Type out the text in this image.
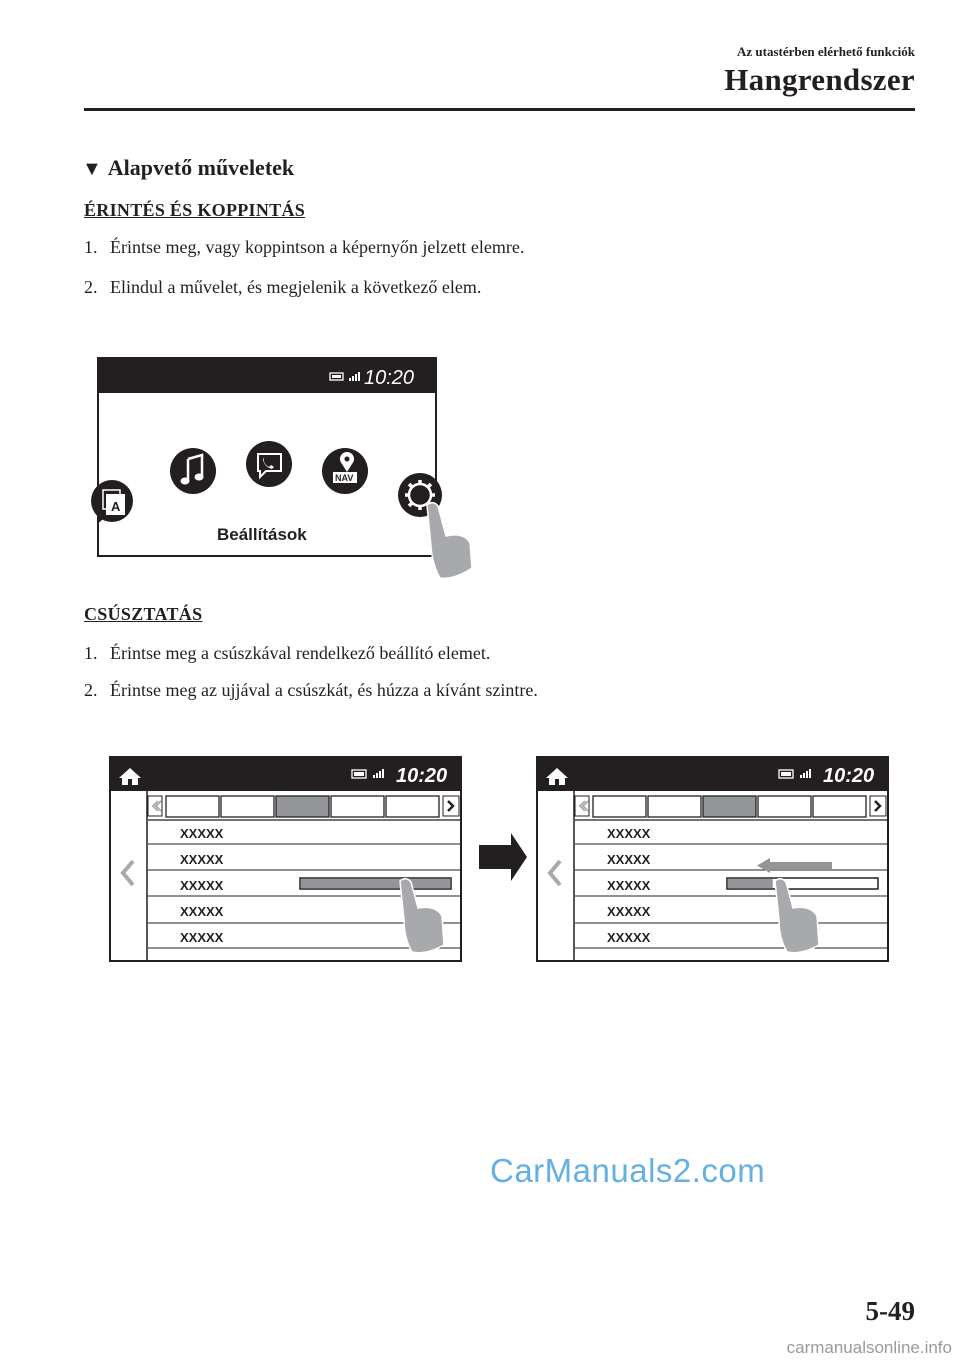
Az utastérben elérhető funkciók
Hangrendszer
▼ Alapvető műveletek
ÉRINTÉS ÉS KOPPINTÁS
1. Érintse meg, vagy koppintson a képernyőn jelzett elemre.
2. Elindul a művelet, és megjelenik a következő elem.
10:20
A
NAV
Beállítások
CSÚSZTATÁS
1. Érintse meg a csúszkával rendelkező beállító elemet.
2. Érintse meg az ujjával a csúszkát, és húzza a kívánt szintre.
10:20
XXXXX
XXXXX
XXXXX
XXXXX
XXXXX
10:20
XXXXX
XXXXX
XXXXX
XXXXX
XXXXX
CarManuals2.com
5-49
carmanualsonline.info
